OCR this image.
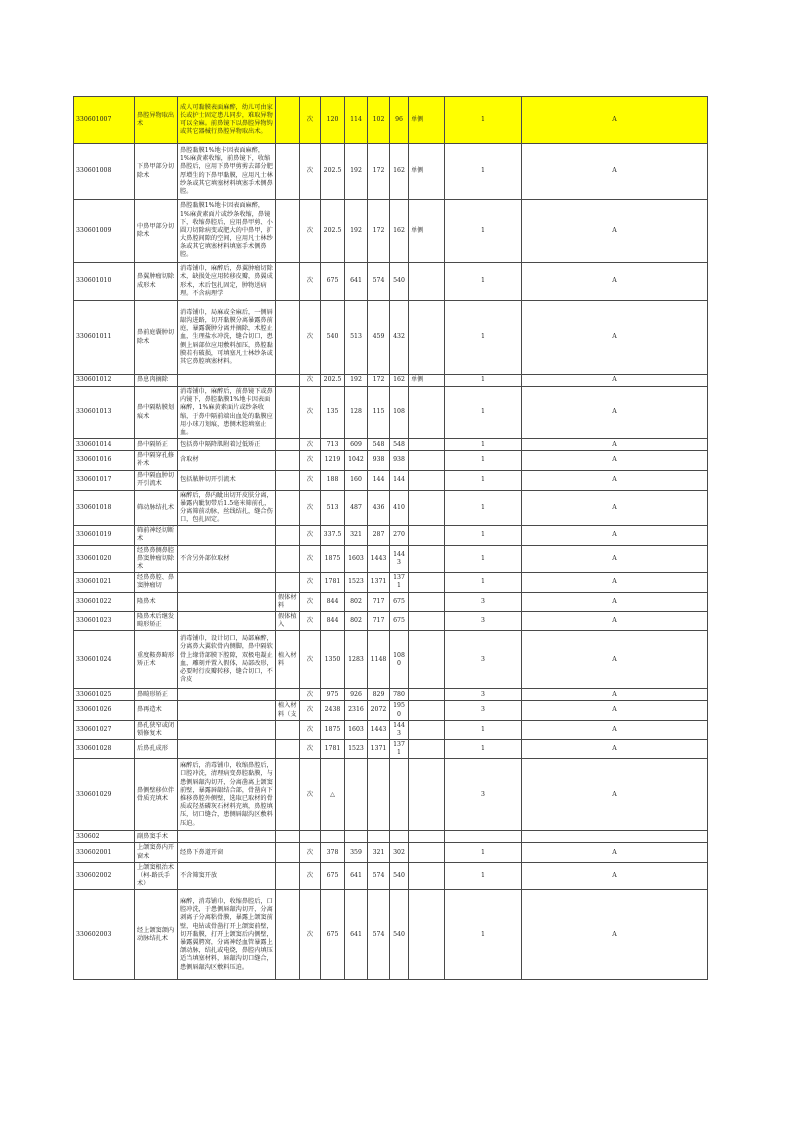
330601007	鼻腔异物取出术	成人可黏膜表面麻醉，幼儿可由家长或护士固定患儿同步，难取异物可以全麻。前鼻镜下以鼻腔异物钩或其它器械行鼻腔异物取出术。		次	120	114	102	96	单侧	1	A
330601008	下鼻甲部分切除术	鼻腔黏膜1%地卡因表面麻醉，1%麻黄素收缩，前鼻镜下，收缩鼻腔后，应用下鼻甲剪剪去部分肥厚增生的下鼻甲黏膜，应用凡士林纱条或其它填塞材料填塞手术侧鼻腔。		次	202.5	192	172	162	单侧	1	A
330601009	中鼻甲部分切除术	鼻腔黏膜1%地卡因表面麻醉，1%麻黄素面片或纱条收缩，鼻镜下，收缩鼻腔后，应用鼻甲剪、小圆刀切除病变或肥大的中鼻甲，扩大鼻腔间隙的空间，应用凡士林纱条或其它填塞材料填塞手术侧鼻腔。		次	202.5	192	172	162	单侧	1	A
330601010	鼻翼肿瘤切除成形术	消毒铺巾，麻醉后，鼻翼肿瘤切除术，缺损处应用转移皮瓣，鼻翼成形术，术后包扎固定，肿物送病理。不含病理学		次	675	641	574	540		1	A
330601011	鼻前庭囊肿切除术	消毒铺巾，局麻或全麻后，一侧唇龈沟进路，切开黏膜分离暴露鼻前庭，暴露囊肿分离并摘除，术腔止血，生理盐水冲洗，缝合切口，患侧上唇部位应用敷料加压，鼻腔黏膜若有破损，可填塞凡士林纱条或其它鼻腔填塞材料。		次	540	513	459	432		1	A
330601012	鼻息肉摘除			次	202.5	192	172	162	单侧	1	A
330601013	鼻中隔粘膜划痕术	消毒铺巾，麻醉后，前鼻镜下或鼻内镜下，鼻腔黏膜1%地卡因表面麻醉，1%麻黄素面片或纱条收缩，于鼻中隔前端出血处的黏膜应用小球刀划痕，患侧术腔填塞止血。		次	135	128	115	108		1	A
330601014	鼻中隔矫正	包括鼻中隔降肌附着过低矫正		次	713	609	548	548		1	A
330601016	鼻中隔穿孔修补术	含取材		次	1219	1042	938	938		1	A
330601017	鼻中隔血肿切开引流术	包括脓肿切开引流术		次	188	160	144	144		1	A
330601018	筛动脉结扎术	麻醉后，鼻内眦出切开皮肤分离，暴露内眦韧带后1.5毫米筛前孔，分离筛前动脉，丝线结扎，缝合伤口，包扎固定。		次	513	487	436	410		1	A
330601019	筛前神经切断术			次	337.5	321	287	270		1	A
330601020	经鼻鼻侧鼻腔鼻窦肿瘤切除术	不含另外部位取材		次	1875	1603	1443	1443		1	A
330601021	经鼻鼻腔、鼻窦肿瘤切			次	1781	1523	1371	1371		1	A
330601022	隆鼻术		假体材料	次	844	802	717	675		3	A
330601023	隆鼻术后继发畸形矫正		假体植入	次	844	802	717	675		3	A
330601024	重度鞍鼻畸形矫正术	消毒铺巾，设计切口，局部麻醉，分离鼻大翼软骨内侧脚，鼻中隔软骨上缘背部膜下腔隙，双极电凝止血，雕刻并置入假体，局部改形，必要时行皮瓣转移，缝合切口，不含皮	植入材料	次	1350	1283	1148	1080		3	A
330601025	鼻畸形矫正			次	975	926	829	780		3	A
330601026	鼻再造术		植入材料（支	次	2438	2316	2072	1950		3	A
330601027	鼻孔狭窄或闭锁修复术			次	1875	1603	1443	1443		1	A
330601028	后鼻孔成形			次	1781	1523	1371	1371		1	A
330601029	鼻侧壁移位伴骨质充填术	麻醉后，消毒铺巾，收缩鼻腔后，口腔冲洗，清理病变鼻腔黏膜，与患侧唇龈沟切开，分离凿离上颌窦前壁，暴露唇龈结合部，骨凿向下推移鼻腔外侧壁，选取已取材的骨质或羟基磷灰石材料充填，鼻腔填压，切口缝合，患侧唇龈沟区敷料压迫。		次	△					3	A
330602	副鼻窦手术										
330602001	上颌窦鼻内开窗术	经鼻下鼻道开窗		次	378	359	321	302		1	A
330602002	上颌窦根治术（柯-路氏手术）	不含筛窦开放		次	675	641	574	540		1	A
330602003	经上颌窦颌内动脉结扎术	麻醉，消毒铺巾，收缩鼻腔后，口腔冲洗，于患侧唇龈沟切开，分离剥离子分离粘骨膜，暴露上颌窦前壁，电钻或骨凿打开上颌窦前壁，切开黏膜，打开上颌窦后内侧壁，暴露翼腭窝，分离神经血管暴露上颌动脉，结扎或电烧，鼻腔内填压适当填塞材料，唇龈沟切口缝合，患侧唇龈沟区敷料压迫。		次	675	641	574	540		1	A
